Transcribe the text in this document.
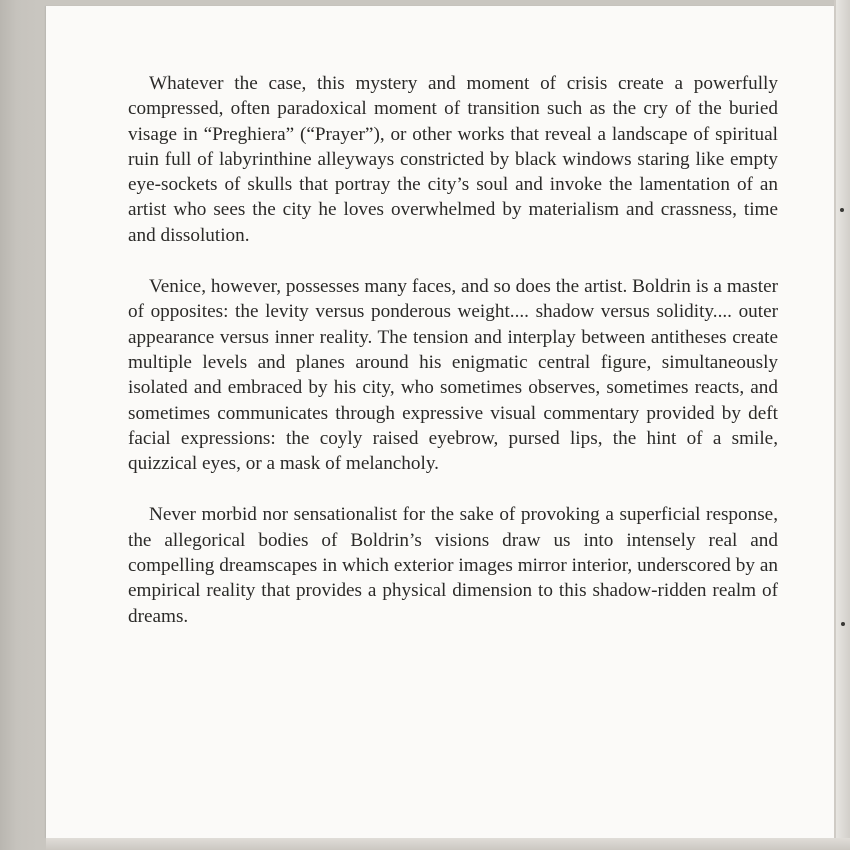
Whatever the case, this mystery and moment of crisis create a powerfully compressed, often paradoxical moment of transition such as the cry of the buried visage in “Preghiera” (“Prayer”), or other works that reveal a landscape of spiritual ruin full of labyrinthine alleyways constricted by black windows staring like empty eye-sockets of skulls that portray the city’s soul and invoke the lamentation of an artist who sees the city he loves overwhelmed by materialism and crassness, time and dissolution.

Venice, however, possesses many faces, and so does the artist. Boldrin is a master of opposites: the levity versus ponderous weight.... shadow versus solidity.... outer appearance versus inner reality. The tension and interplay between antitheses create multiple levels and planes around his enigmatic central figure, simultaneously isolated and embraced by his city, who sometimes observes, sometimes reacts, and sometimes communicates through expressive visual commentary provided by deft facial expressions: the coyly raised eyebrow, pursed lips, the hint of a smile, quizzical eyes, or a mask of melancholy.

Never morbid nor sensationalist for the sake of provoking a superficial response, the allegorical bodies of Boldrin’s visions draw us into intensely real and compelling dreamscapes in which exterior images mirror interior, underscored by an empirical reality that provides a physical dimension to this shadow-ridden realm of dreams.
